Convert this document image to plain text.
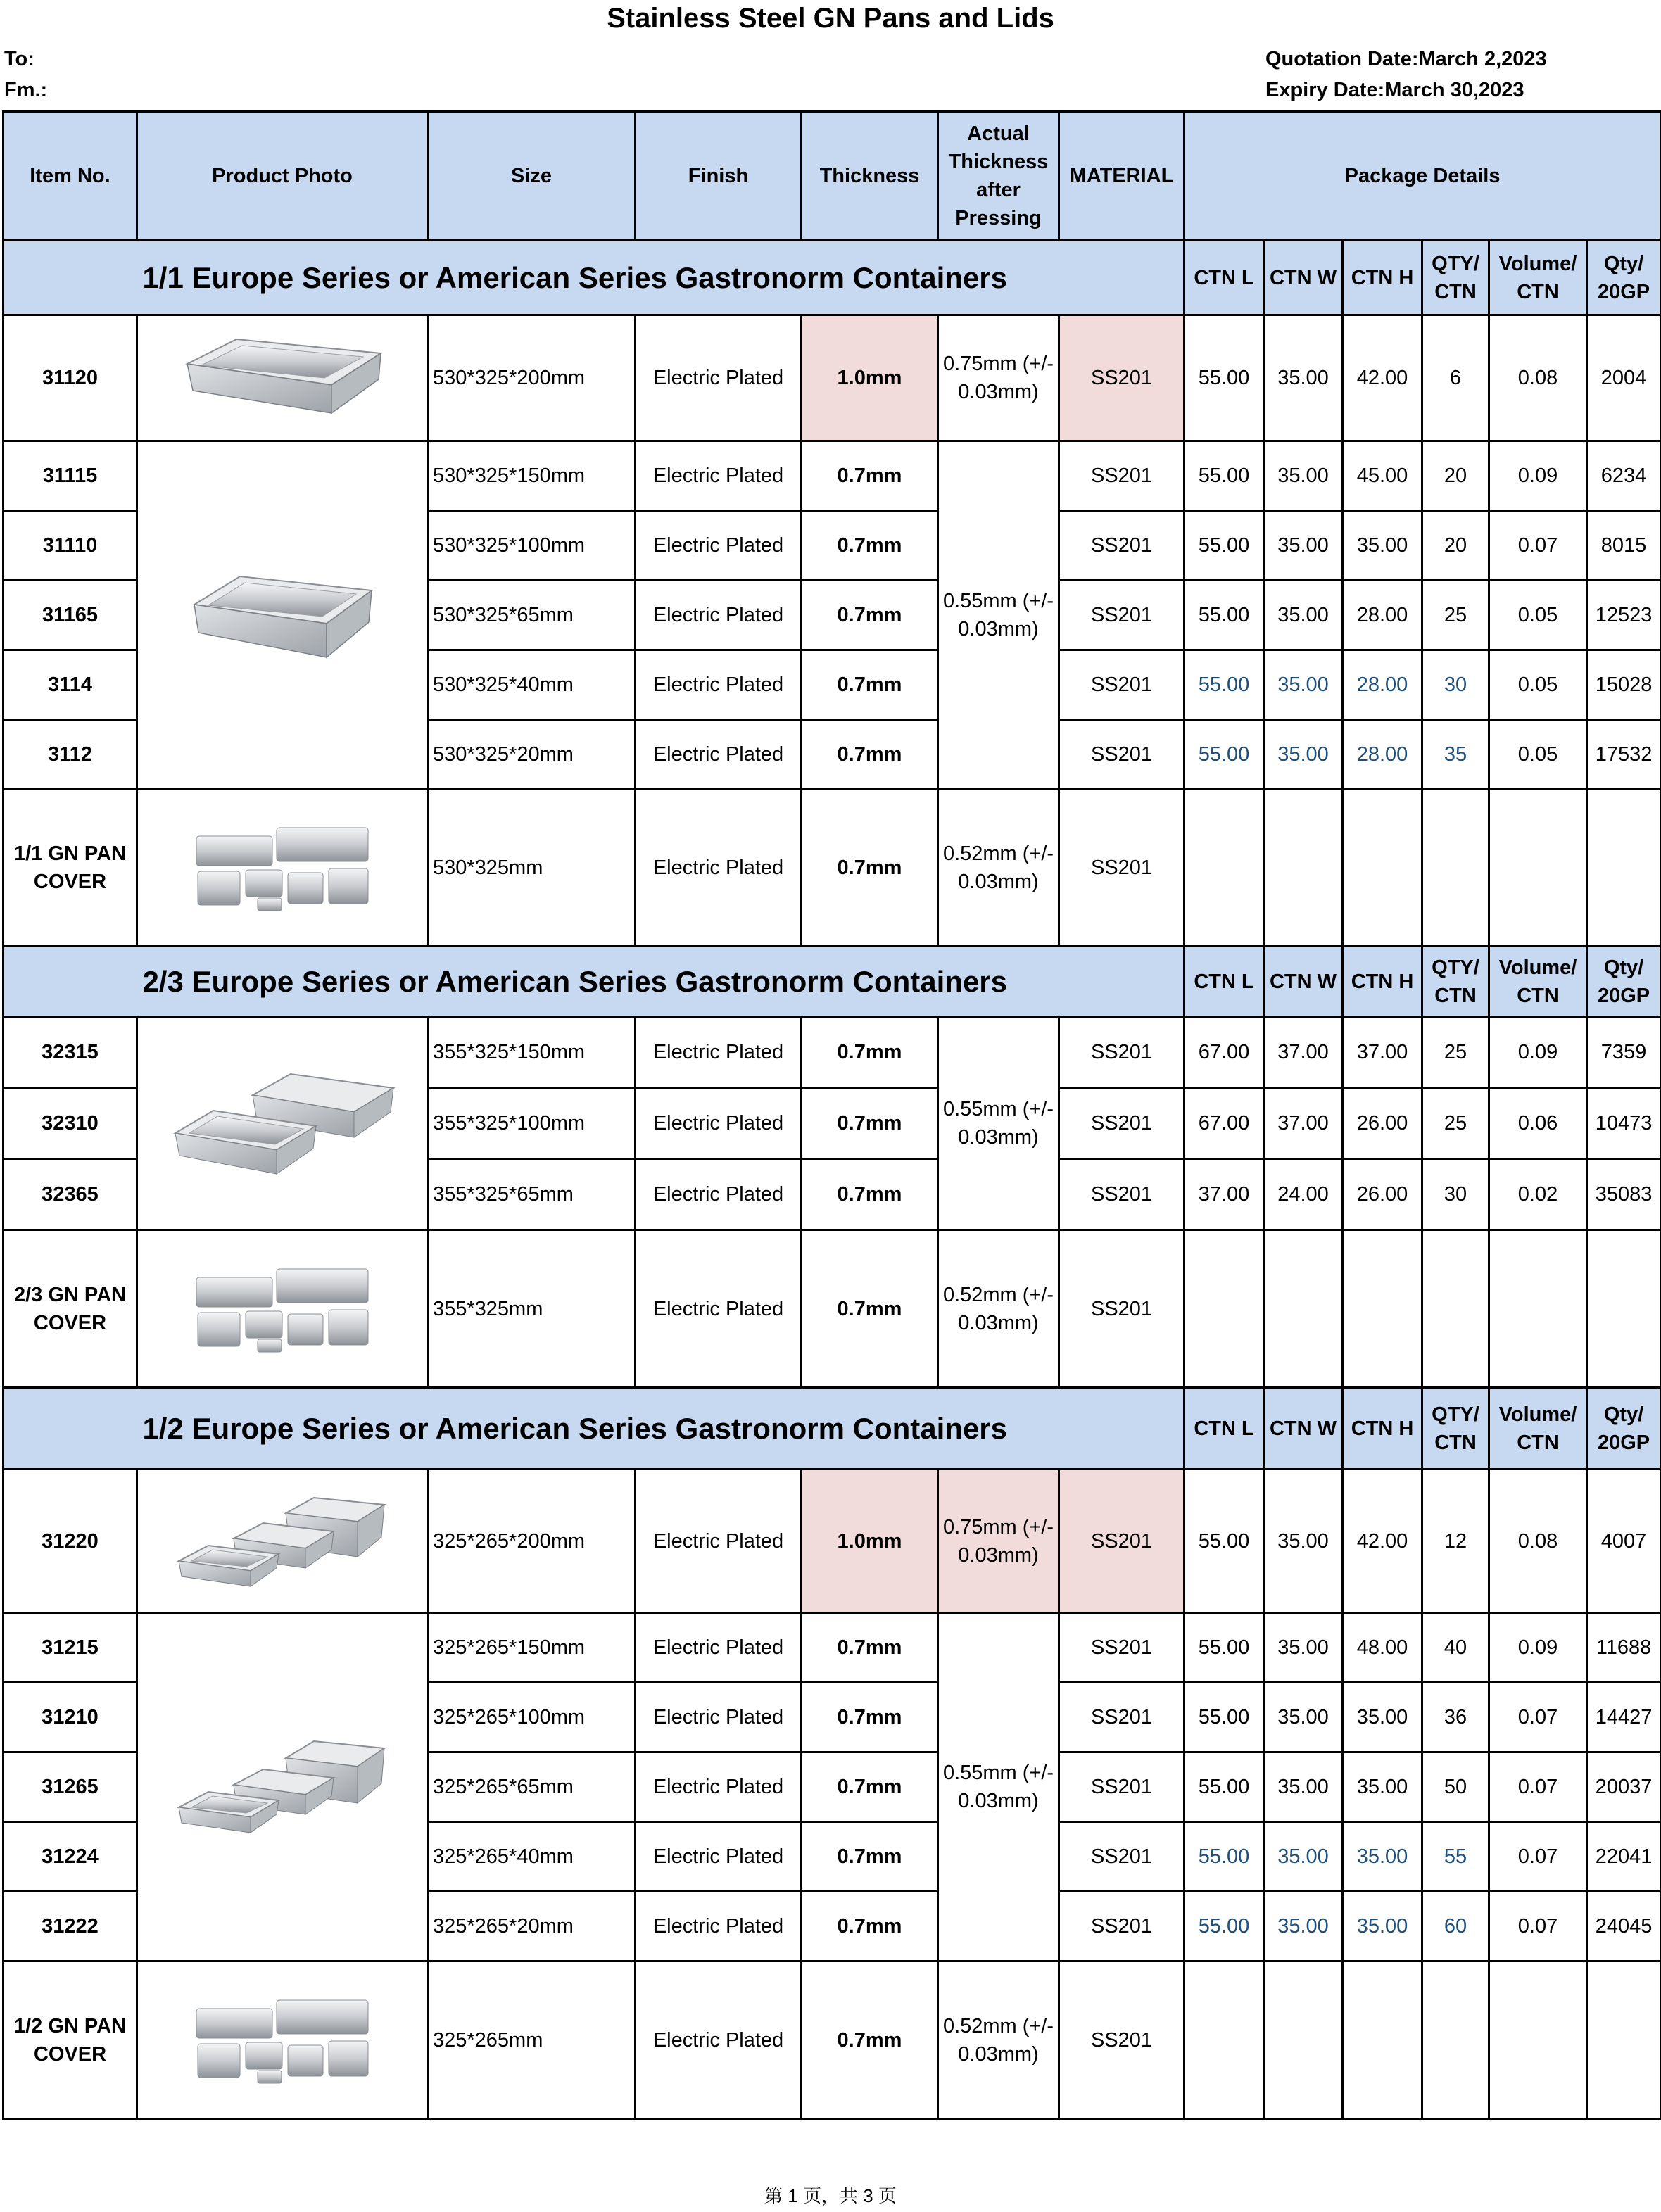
Stainless Steel GN Pans and Lids
To:
Fm.:
Quotation Date:March 2,2023
Expiry Date:March 30,2023
Item No.	Product Photo	Size	Finish	Thickness	Actual Thickness after Pressing	MATERIAL	Package Details					
1/1 Europe Series or American Series Gastronorm Containers							CTN L	CTN W	CTN H	QTY/ CTN	Volume/ CTN	Qty/ 20GP
31120		530*325*200mm	Electric Plated	1.0mm	0.75mm (+/- 0.03mm)	SS201	55.00	35.00	42.00	6	0.08	2004
31115		530*325*150mm	Electric Plated	0.7mm	0.55mm (+/- 0.03mm)	SS201	55.00	35.00	45.00	20	0.09	6234
31110		530*325*100mm	Electric Plated	0.7mm		SS201	55.00	35.00	35.00	20	0.07	8015
31165		530*325*65mm	Electric Plated	0.7mm		SS201	55.00	35.00	28.00	25	0.05	12523
3114		530*325*40mm	Electric Plated	0.7mm		SS201	55.00	35.00	28.00	30	0.05	15028
3112		530*325*20mm	Electric Plated	0.7mm		SS201	55.00	35.00	28.00	35	0.05	17532
1/1 GN PAN COVER		530*325mm	Electric Plated	0.7mm	0.52mm (+/- 0.03mm)	SS201						
2/3 Europe Series or American Series Gastronorm Containers							CTN L	CTN W	CTN H	QTY/ CTN	Volume/ CTN	Qty/ 20GP
32315		355*325*150mm	Electric Plated	0.7mm	0.55mm (+/- 0.03mm)	SS201	67.00	37.00	37.00	25	0.09	7359
32310		355*325*100mm	Electric Plated	0.7mm		SS201	67.00	37.00	26.00	25	0.06	10473
32365		355*325*65mm	Electric Plated	0.7mm		SS201	37.00	24.00	26.00	30	0.02	35083
2/3 GN PAN COVER		355*325mm	Electric Plated	0.7mm	0.52mm (+/- 0.03mm)	SS201						
1/2 Europe Series or American Series Gastronorm Containers							CTN L	CTN W	CTN H	QTY/ CTN	Volume/ CTN	Qty/ 20GP
31220		325*265*200mm	Electric Plated	1.0mm	0.75mm (+/- 0.03mm)	SS201	55.00	35.00	42.00	12	0.08	4007
31215		325*265*150mm	Electric Plated	0.7mm	0.55mm (+/- 0.03mm)	SS201	55.00	35.00	48.00	40	0.09	11688
31210		325*265*100mm	Electric Plated	0.7mm		SS201	55.00	35.00	35.00	36	0.07	14427
31265		325*265*65mm	Electric Plated	0.7mm		SS201	55.00	35.00	35.00	50	0.07	20037
31224		325*265*40mm	Electric Plated	0.7mm		SS201	55.00	35.00	35.00	55	0.07	22041
31222		325*265*20mm	Electric Plated	0.7mm		SS201	55.00	35.00	35.00	60	0.07	24045
1/2 GN PAN COVER		325*265mm	Electric Plated	0.7mm	0.52mm (+/- 0.03mm)	SS201						
第 1 页，共 3 页
